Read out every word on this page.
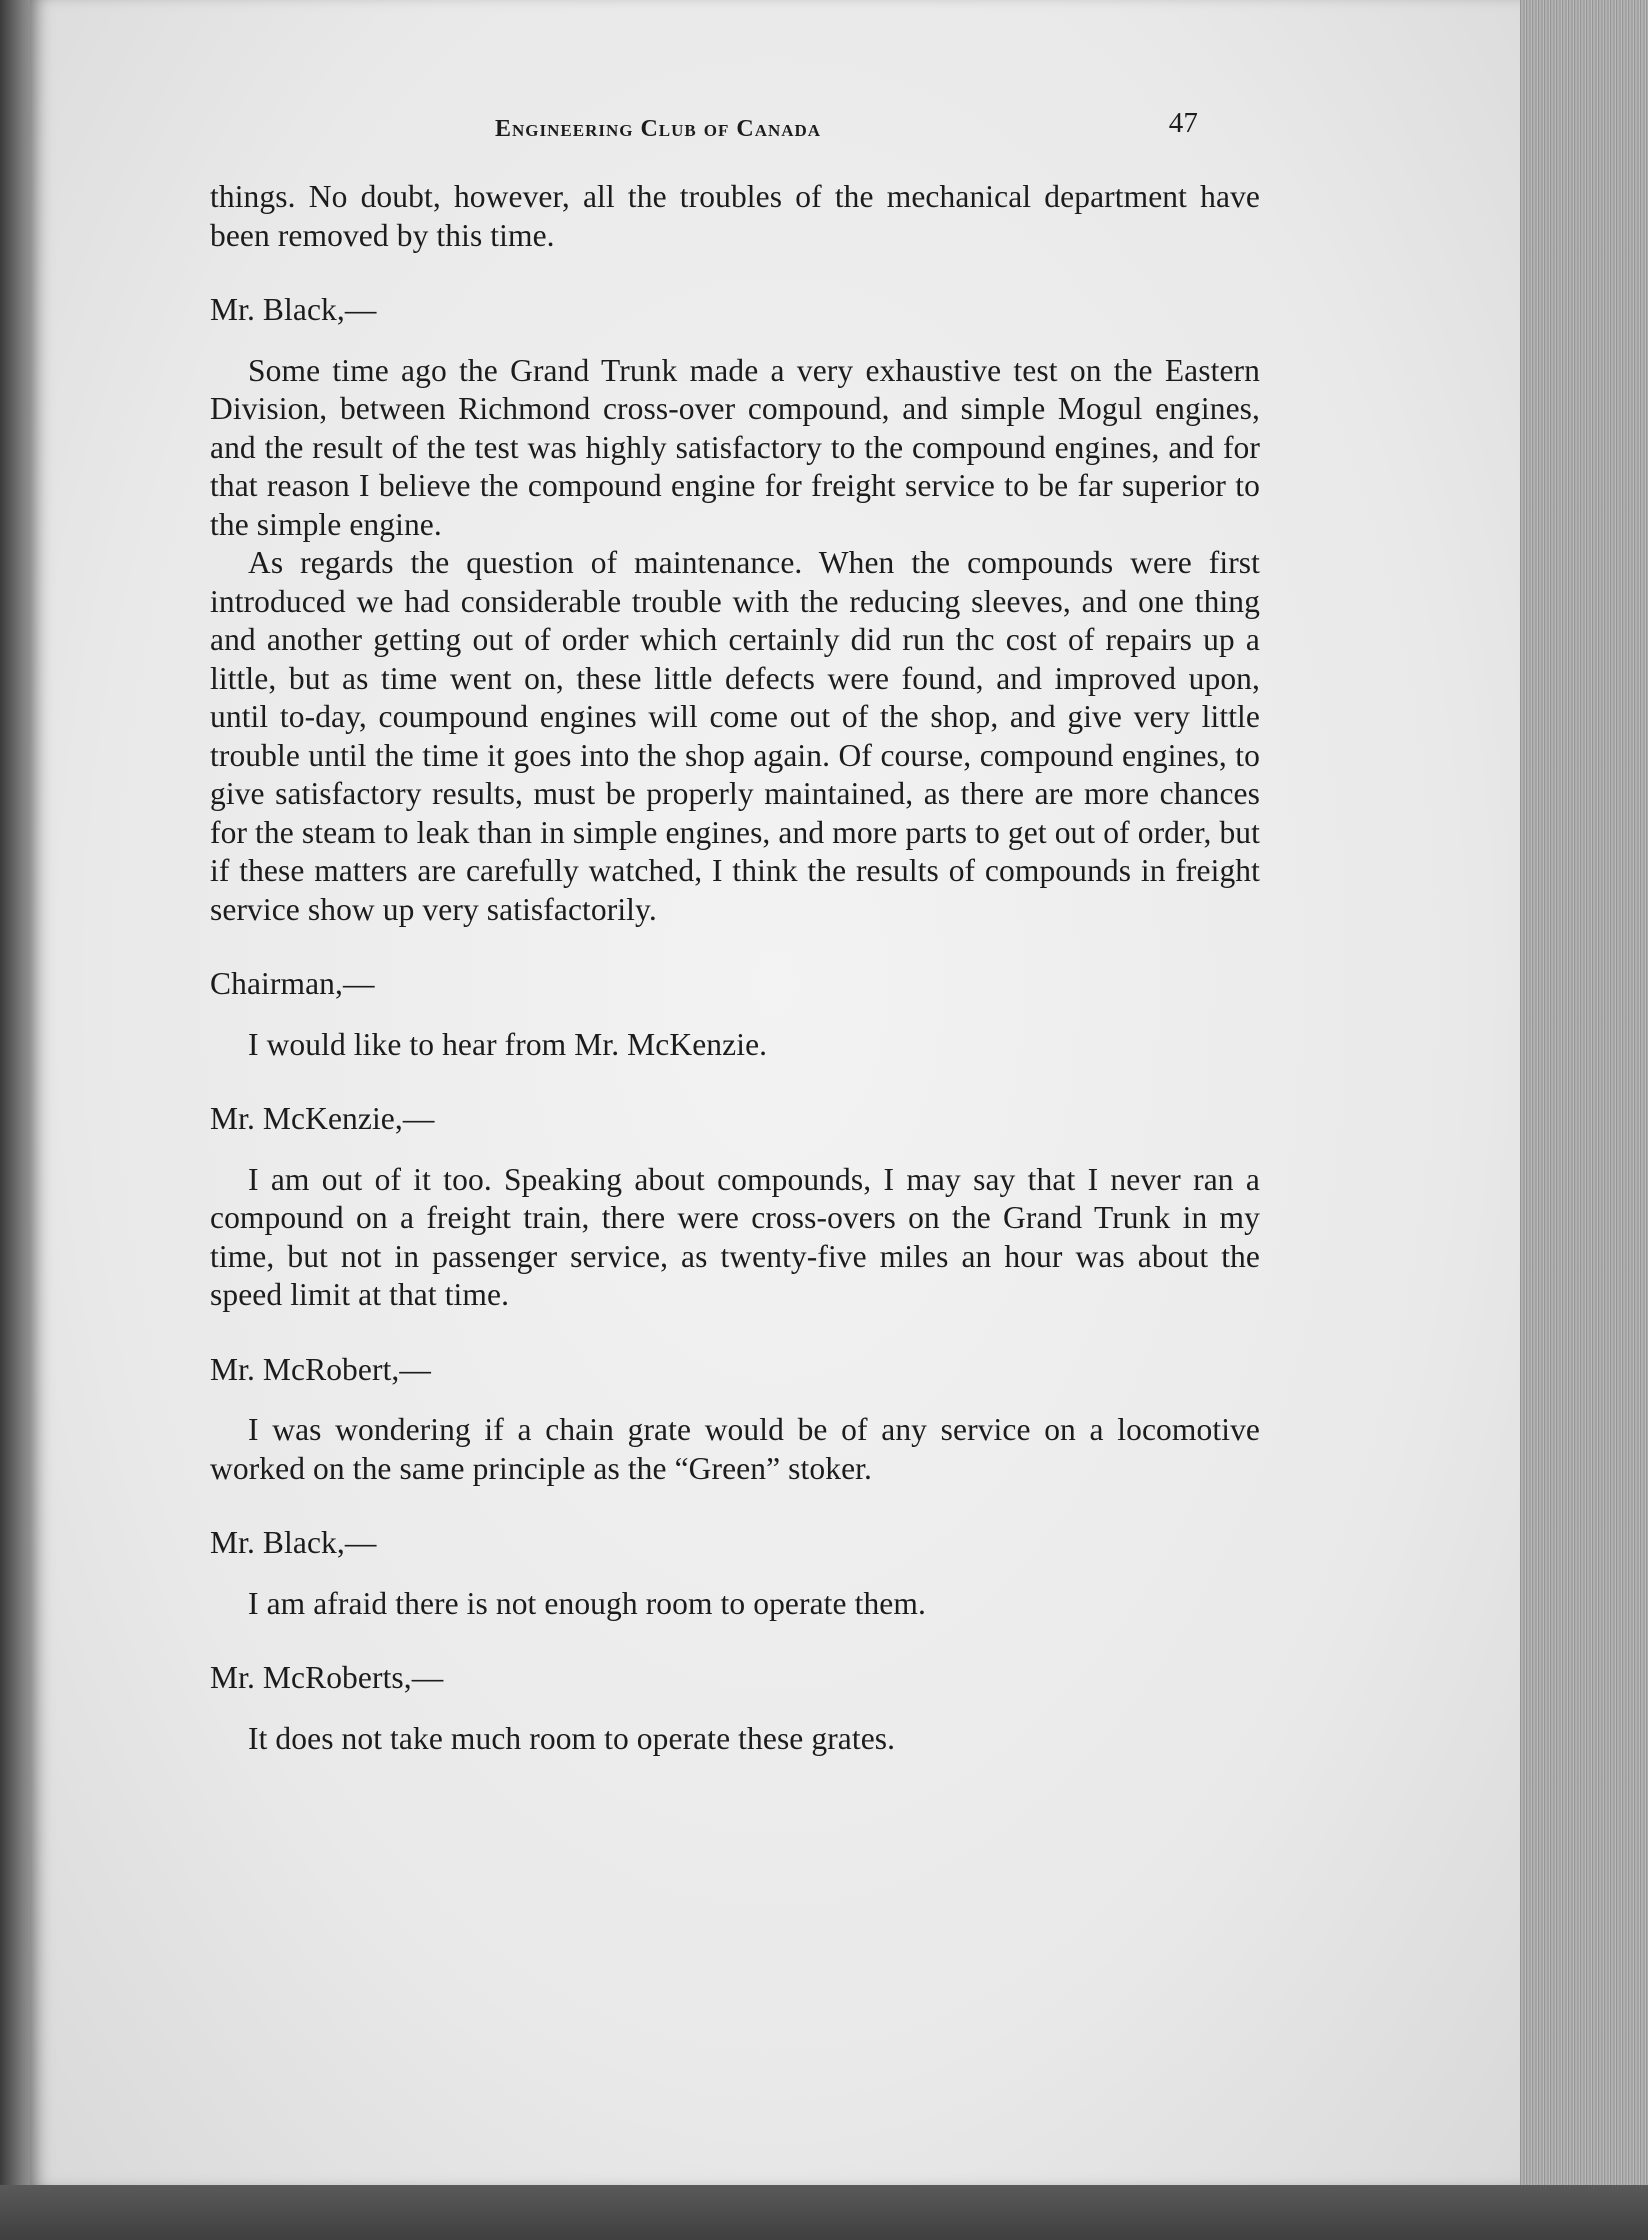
Engineering Club of Canada	47

things. No doubt, however, all the troubles of the mechanical department have been removed by this time.

Mr. Black,—

Some time ago the Grand Trunk made a very exhaustive test on the Eastern Division, between Richmond cross-over compound, and simple Mogul engines, and the result of the test was highly satisfactory to the compound engines, and for that reason I believe the compound engine for freight service to be far superior to the simple engine.

As regards the question of maintenance. When the compounds were first introduced we had considerable trouble with the reducing sleeves, and one thing and another getting out of order which certainly did run thc cost of repairs up a little, but as time went on, these little defects were found, and improved upon, until to-day, coumpound engines will come out of the shop, and give very little trouble until the time it goes into the shop again. Of course, compound engines, to give satisfactory results, must be properly maintained, as there are more chances for the steam to leak than in simple engines, and more parts to get out of order, but if these matters are carefully watched, I think the results of compounds in freight service show up very satisfactorily.

Chairman,—

I would like to hear from Mr. McKenzie.

Mr. McKenzie,—

I am out of it too. Speaking about compounds, I may say that I never ran a compound on a freight train, there were cross-overs on the Grand Trunk in my time, but not in passenger service, as twenty-five miles an hour was about the speed limit at that time.

Mr. McRobert,—

I was wondering if a chain grate would be of any service on a locomotive worked on the same principle as the “Green” stoker.

Mr. Black,—

I am afraid there is not enough room to operate them.

Mr. McRoberts,—

It does not take much room to operate these grates.
